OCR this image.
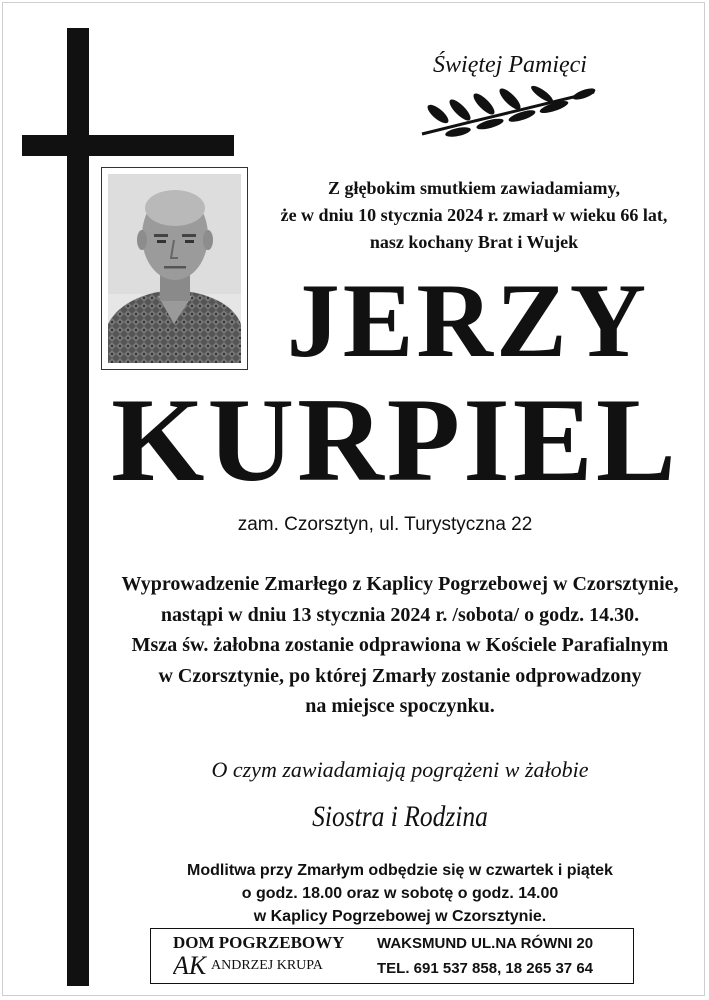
Świętej Pamięci
Z głębokim smutkiem zawiadamiamy,
że w dniu 10 stycznia 2024 r. zmarł w wieku 66 lat,
nasz kochany Brat i Wujek
JERZY
KURPIEL
zam. Czorsztyn, ul. Turystyczna 22
Wyprowadzenie Zmarłego z Kaplicy Pogrzebowej w Czorsztynie,
nastąpi w dniu 13 stycznia 2024 r. /sobota/ o godz. 14.30.
Msza św. żałobna zostanie odprawiona w Kościele Parafialnym
w Czorsztynie, po której Zmarły zostanie odprowadzony
na miejsce spoczynku.
O czym zawiadamiają pogrążeni w żałobie
Siostra i Rodzina
Modlitwa przy Zmarłym odbędzie się w czwartek i piątek
o godz. 18.00 oraz w sobotę o godz. 14.00
w Kaplicy Pogrzebowej w Czorsztynie.
DOM POGRZEBOWY
AK ANDRZEJ KRUPA
WAKSMUND UL.NA RÓWNI 20
TEL. 691 537 858, 18 265 37 64
